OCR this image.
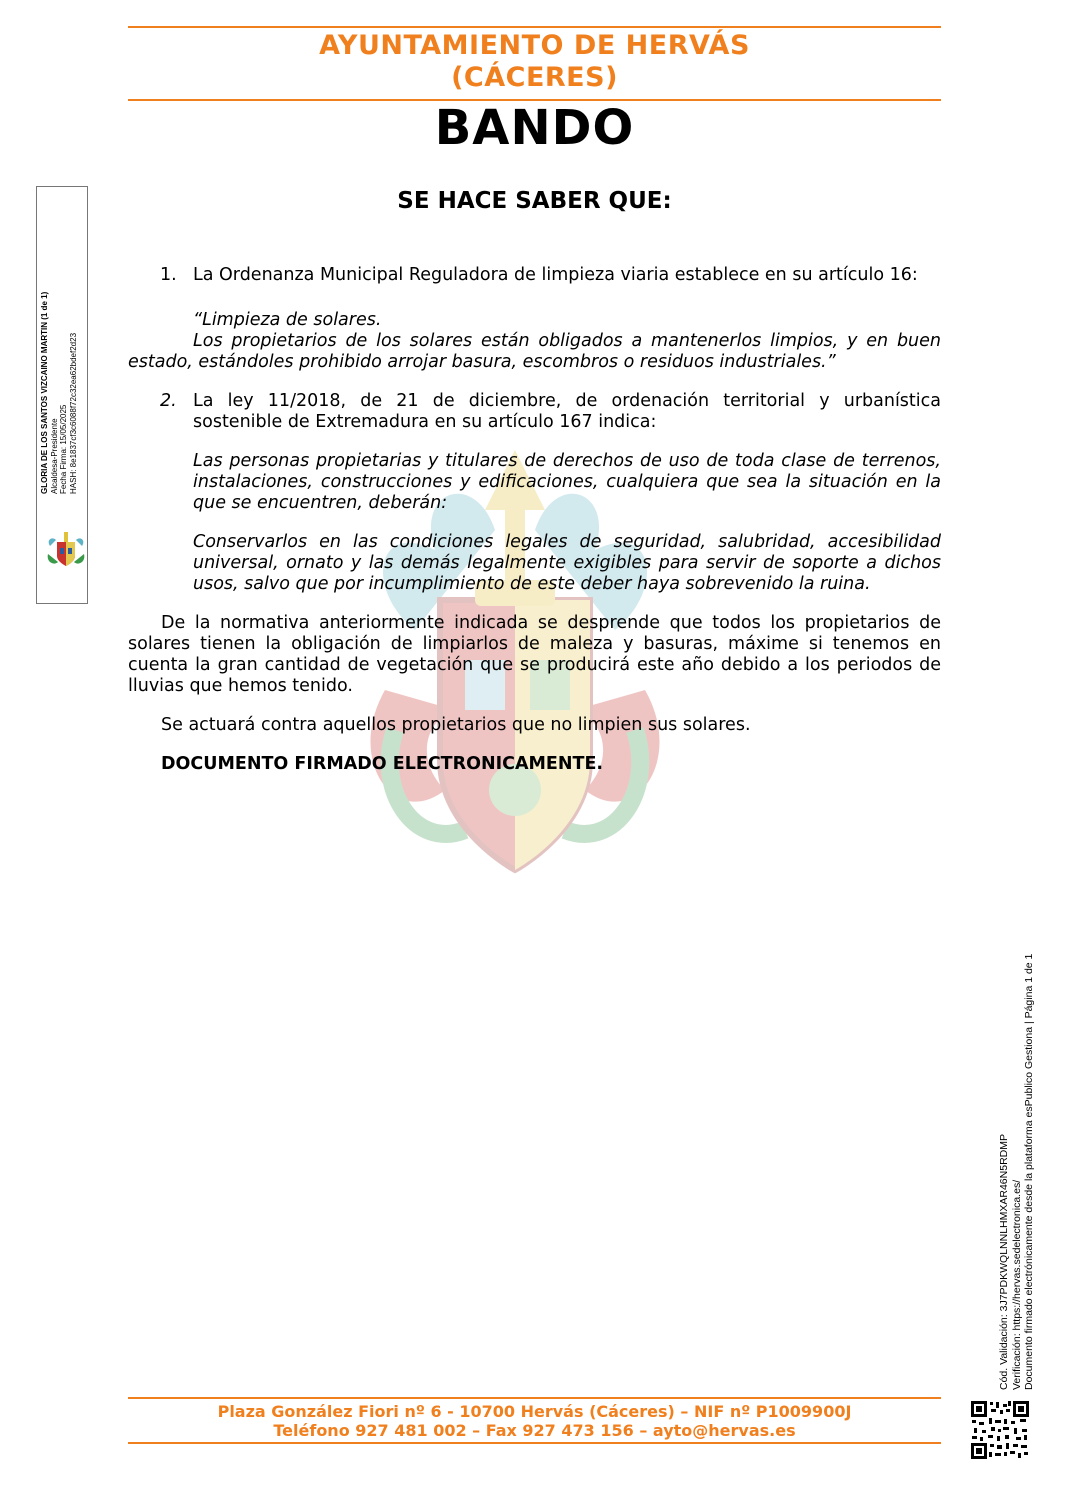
AYUNTAMIENTO DE HERVÁS
(CÁCERES)
BANDO
GLORIA DE LOS SANTOS VIZCAINO MARTIN (1 de 1) Alcaldesa-Presidente Fecha Firma: 15/05/2025 HASH: 8e1837cf3c6088f72c32ea62bdef2d23
SE HACE SABER QUE:
1. La Ordenanza Municipal Reguladora de limpieza viaria establece en su artículo 16:

“Limpieza de solares.

Los propietarios de los solares están obligados a mantenerlos limpios, y en buen estado, estándoles prohibido arrojar basura, escombros o residuos industriales.”

2. La ley 11/2018, de 21 de diciembre, de ordenación territorial y urbanística sostenible de Extremadura en su artículo 167 indica:

Las personas propietarias y titulares de derechos de uso de toda clase de terrenos, instalaciones, construcciones y edificaciones, cualquiera que sea la situación en la que se encuentren, deberán:

Conservarlos en las condiciones legales de seguridad, salubridad, accesibilidad universal, ornato y las demás legalmente exigibles para servir de soporte a dichos usos, salvo que por incumplimiento de este deber haya sobrevenido la ruina.

De la normativa anteriormente indicada se desprende que todos los propietarios de solares tienen la obligación de limpiarlos de maleza y basuras, máxime si tenemos en cuenta la gran cantidad de vegetación que se producirá este año debido a los periodos de lluvias que hemos tenido.

Se actuará contra aquellos propietarios que no limpien sus solares.

DOCUMENTO FIRMADO ELECTRONICAMENTE.

Cód. Validación: 3J7PDKWQLNNLHMXAR46N5RDMP Verificación: https://hervas.sedelectronica.es/ Documento firmado electrónicamente desde la plataforma esPublico Gestiona | Página 1 de 1
Plaza González Fiori nº 6 - 10700 Hervás (Cáceres) – NIF nº P1009900J
Teléfono 927 481 002 – Fax 927 473 156 – ayto@hervas.es
